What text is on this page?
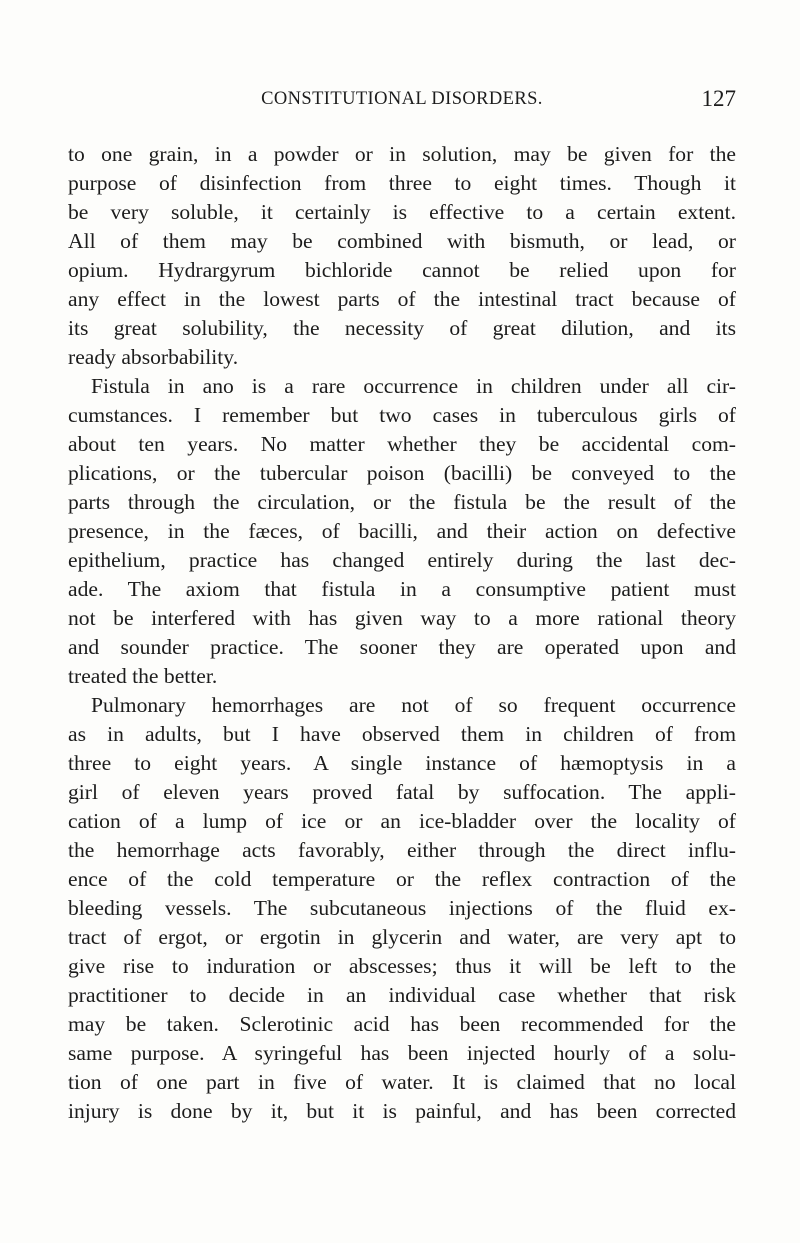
CONSTITUTIONAL DISORDERS.	127
to one grain, in a powder or in solution, may be given for the
purpose of disinfection from three to eight times. Though it
be very soluble, it certainly is effective to a certain extent.
All of them may be combined with bismuth, or lead, or
opium. Hydrargyrum bichloride cannot be relied upon for
any effect in the lowest parts of the intestinal tract because of
its great solubility, the necessity of great dilution, and its
ready absorbability.
Fistula in ano is a rare occurrence in children under all cir-
cumstances. I remember but two cases in tuberculous girls of
about ten years. No matter whether they be accidental com-
plications, or the tubercular poison (bacilli) be conveyed to the
parts through the circulation, or the fistula be the result of the
presence, in the fæces, of bacilli, and their action on defective
epithelium, practice has changed entirely during the last dec-
ade. The axiom that fistula in a consumptive patient must
not be interfered with has given way to a more rational theory
and sounder practice. The sooner they are operated upon and
treated the better.
Pulmonary hemorrhages are not of so frequent occurrence
as in adults, but I have observed them in children of from
three to eight years. A single instance of hæmoptysis in a
girl of eleven years proved fatal by suffocation. The appli-
cation of a lump of ice or an ice-bladder over the locality of
the hemorrhage acts favorably, either through the direct influ-
ence of the cold temperature or the reflex contraction of the
bleeding vessels. The subcutaneous injections of the fluid ex-
tract of ergot, or ergotin in glycerin and water, are very apt to
give rise to induration or abscesses; thus it will be left to the
practitioner to decide in an individual case whether that risk
may be taken. Sclerotinic acid has been recommended for the
same purpose. A syringeful has been injected hourly of a solu-
tion of one part in five of water. It is claimed that no local
injury is done by it, but it is painful, and has been corrected
